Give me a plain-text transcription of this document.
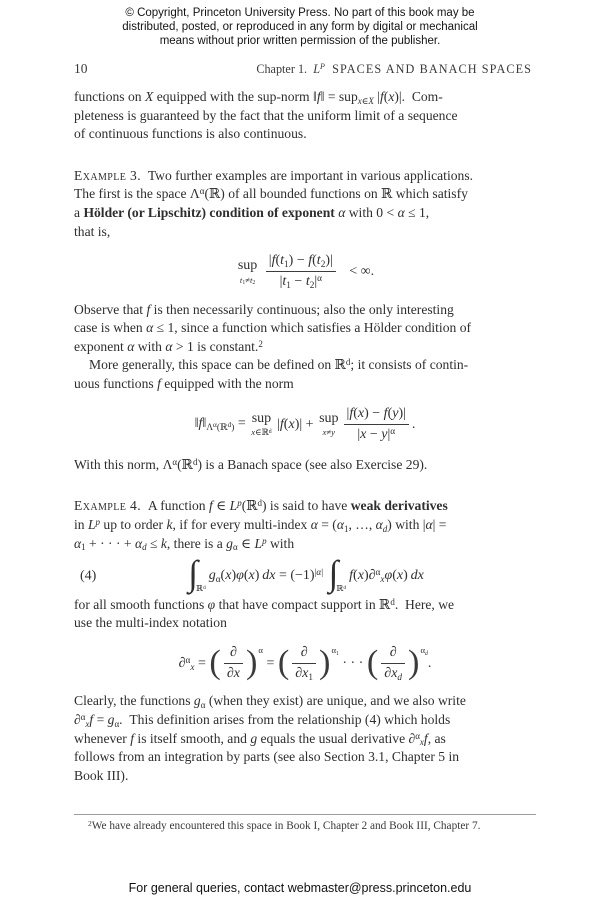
© Copyright, Princeton University Press. No part of this book may be
distributed, posted, or reproduced in any form by digital or mechanical
means without prior written permission of the publisher.
10	Chapter 1. $L^P$ SPACES AND BANACH SPACES

functions on X equipped with the sup-norm ‖f‖ = supx∈X |f(x)|. Com-
pleteness is guaranteed by the fact that the uniform limit of a sequence
of continuous functions is also continuous.

Example 3. Two further examples are important in various applications.
The first is the space $\Lambda^\alpha(ℝ)$ of all bounded functions on ℝ which satisfy
a Hölder (or Lipschitz) condition of exponent α with 0 < α ≤ 1,
that is,

sup
t1≠t2
$\frac{|f(t1) - f(t2)|}{|t1 - t2|^\alpha}$  < ∞.

Observe that f is then necessarily continuous; also the only interesting
case is when α ≤ 1, since a function which satisfies a Hölder condition of
exponent α with α > 1 is constant.$^2$

More generally, this space can be defined on ℝ$^d$; it consists of contin-
uous functions f equipped with the norm

‖f‖Λα(ℝd) = sup
x∈ℝ$^d$
|f(x)| + sup
$x\ne y \frac{|f(x) - f(y)|}{|x - y|^\alpha}$ .

With this norm, $\Lambda^\alpha(ℝ^d)$ is a Banach space (see also Exercise 29).

Example 4. A function f ∈ $L^p(ℝ^d)$ is said to have weak derivatives
in $L^p$ up to order k, if for every multi-index α = (α1, …, αd) with |α| =
α1 + · · · + αd ≤ k, there is a gα ∈ $L^p$ with

(4)	$\int_{ℝ^d}g\alpha(x)\varphi(x)$ dx = $(-1)^{|\alpha|}$ $\int_{ℝ^d}f(x)\partial^\alpha x\varphi(x)$ dx

for all smooth functions φ that have compact support in ℝ$^d$. Here, we
use the multi-index notation

∂$^\alpha$x = ( $\frac{\partial}{\partial x} )^\alpha$ = ( $\frac{\partial}{\partial x1} )^{\alpha 1}$ · · · ( $\frac{\partial}{\partial xd} )^{\alpha d}$.

Clearly, the functions gα (when they exist) are unique, and we also write
∂$^\alpha$xf = gα. This definition arises from the relationship (4) which holds
whenever f is itself smooth, and g equals the usual derivative ∂$^\alpha$xf, as
follows from an integration by parts (see also Section 3.1, Chapter 5 in
Book III).

$^2$We have already encountered this space in Book I, Chapter 2 and Book III, Chapter 7.
For general queries, contact webmaster@press.princeton.edu
